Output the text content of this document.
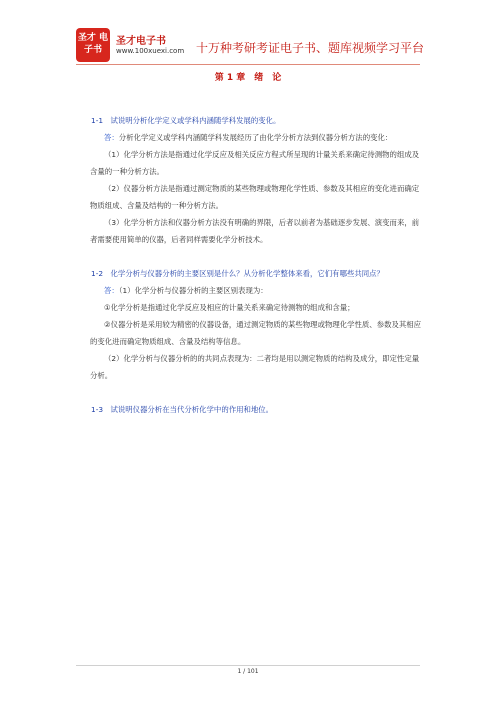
圣才 电子书
圣才电子书
www.100xuexi.com 十万种考研考证电子书、题库视频学习平台
第 1 章　绪　论

1-1　试说明分析化学定义或学科内涵随学科发展的变化。

答：分析化学定义或学科内涵随学科发展经历了由化学分析方法到仪器分析方法的变化：

（1）化学分析方法是指通过化学反应及相关反应方程式所呈现的计量关系来确定待测物的组成及含量的一种分析方法。

（2）仪器分析方法是指通过测定物质的某些物理或物理化学性质、参数及其相应的变化进而确定物质组成、含量及结构的一种分析方法。

（3）化学分析方法和仪器分析方法没有明确的界限，后者以前者为基础逐步发展、演变而来，前者需要使用简单的仪器，后者同样需要化学分析技术。

1-2　化学分析与仪器分析的主要区别是什么？从分析化学整体来看，它们有哪些共同点？

答：（1）化学分析与仪器分析的主要区别表现为：

①化学分析是指通过化学反应及相应的计量关系来确定待测物的组成和含量；

②仪器分析是采用较为精密的仪器设备，通过测定物质的某些物理或物理化学性质、参数及其相应的变化进而确定物质组成、含量及结构等信息。

（2）化学分析与仪器分析的的共同点表现为：二者均是用以测定物质的结构及成分，即定性定量分析。

1-3　试说明仪器分析在当代分析化学中的作用和地位。

1 / 101
